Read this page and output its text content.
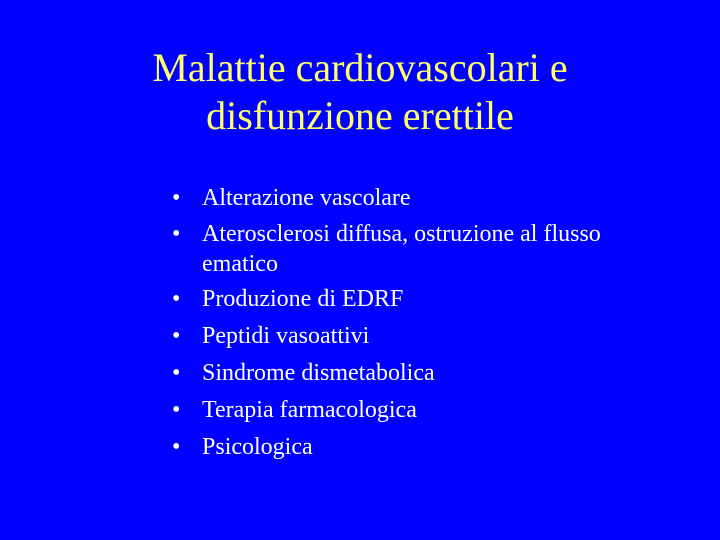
Malattie cardiovascolari e
disfunzione erettile
• Alterazione vascolare
• Aterosclerosi diffusa, ostruzione al flusso ematico
• Produzione di EDRF
• Peptidi vasoattivi
• Sindrome dismetabolica
• Terapia farmacologica
• Psicologica
